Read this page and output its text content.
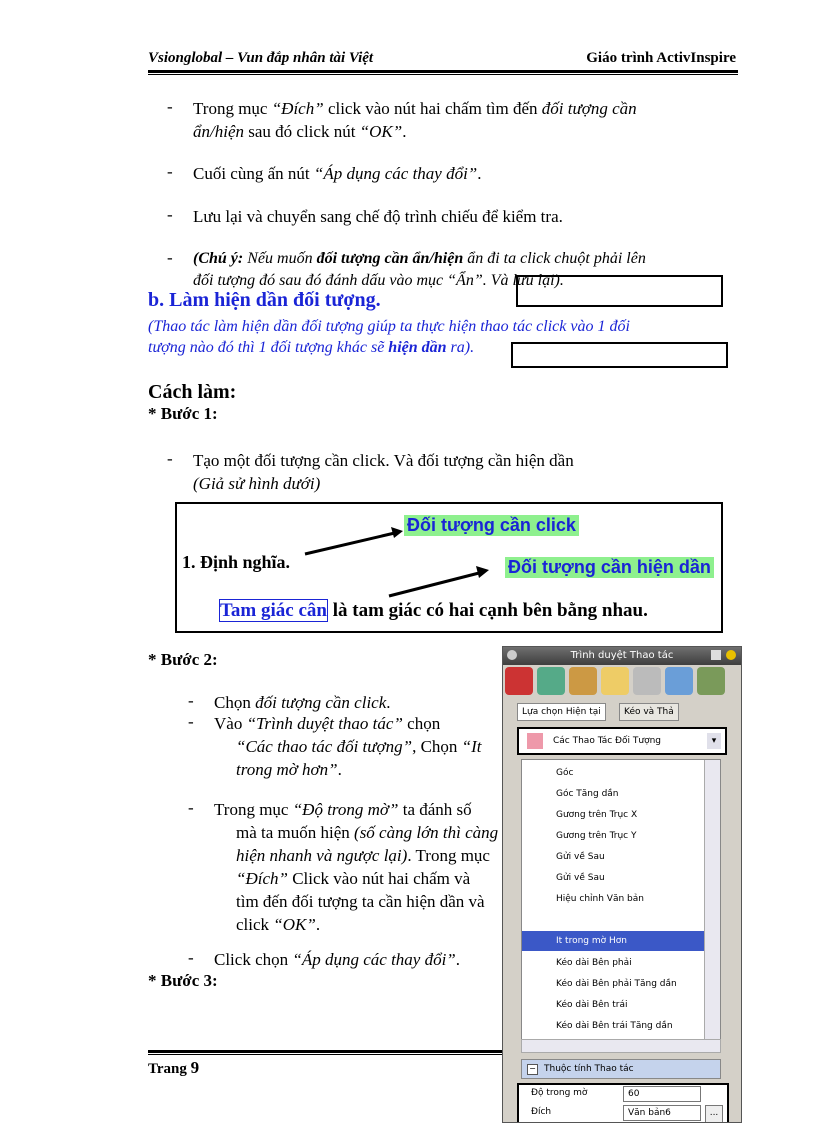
Vsionglobal – Vun đắp nhân tài Việt	Giáo trình ActivInspire
- Trong mục “Đích” click vào nút hai chấm tìm đến đối tượng cần
ẩn/hiện sau đó click nút “OK”.
- Cuối cùng ấn nút “Áp dụng các thay đổi”.
- Lưu lại và chuyển sang chế độ trình chiếu để kiểm tra.
- (Chú ý: Nếu muốn đối tượng cần ẩn/hiện ẩn đi ta click chuột phải lên
đối tượng đó sau đó đánh dấu vào mục “Ẩn”. Và lưu lại).
b. Làm hiện dần đối tượng.
(Thao tác làm hiện dần đối tượng giúp ta thực hiện thao tác click vào 1 đối
tượng nào đó thì 1 đối tượng khác sẽ hiện dần ra).
Cách làm:
* Bước 1:
- Tạo một đối tượng cần click. Và đối tượng cần hiện dần
(Giả sử hình dưới)
Đối tượng cần click
1. Định nghĩa.	Đối tượng cần hiện dần
Tam giác cân là tam giác có hai cạnh bên bằng nhau.
* Bước 2:
- Chọn đối tượng cần click.
- Vào “Trình duyệt thao tác” chọn
“Các thao tác đối tượng”, Chọn “It
trong mờ hơn”.
- Trong mục “Độ trong mờ” ta đánh số
mà ta muốn hiện (số càng lớn thì càng
hiện nhanh và ngược lại). Trong mục
“Đích” Click vào nút hai chấm và
tìm đến đối tượng ta cần hiện dần và
click “OK”.
- Click chọn “Áp dụng các thay đổi”.
* Bước 3:
Trang 9
Trình duyệt Thao tác
Lựa chọn Hiện tại	Kéo và Thả
Các Thao Tác Đối Tượng	▾
Góc
Góc Tăng dần
Gương trên Trục X
Gương trên Trục Y
Gửi về Sau
Gửi về Sau
Hiệu chỉnh Văn bản
It trong mờ Hơn
Kéo dài Bên phải
Kéo dài Bên phải Tăng dần
Kéo dài Bên trái
Kéo dài Bên trái Tăng dần
− Thuộc tính Thao tác
Độ trong mờ	60
Đích	Văn bản6	...
